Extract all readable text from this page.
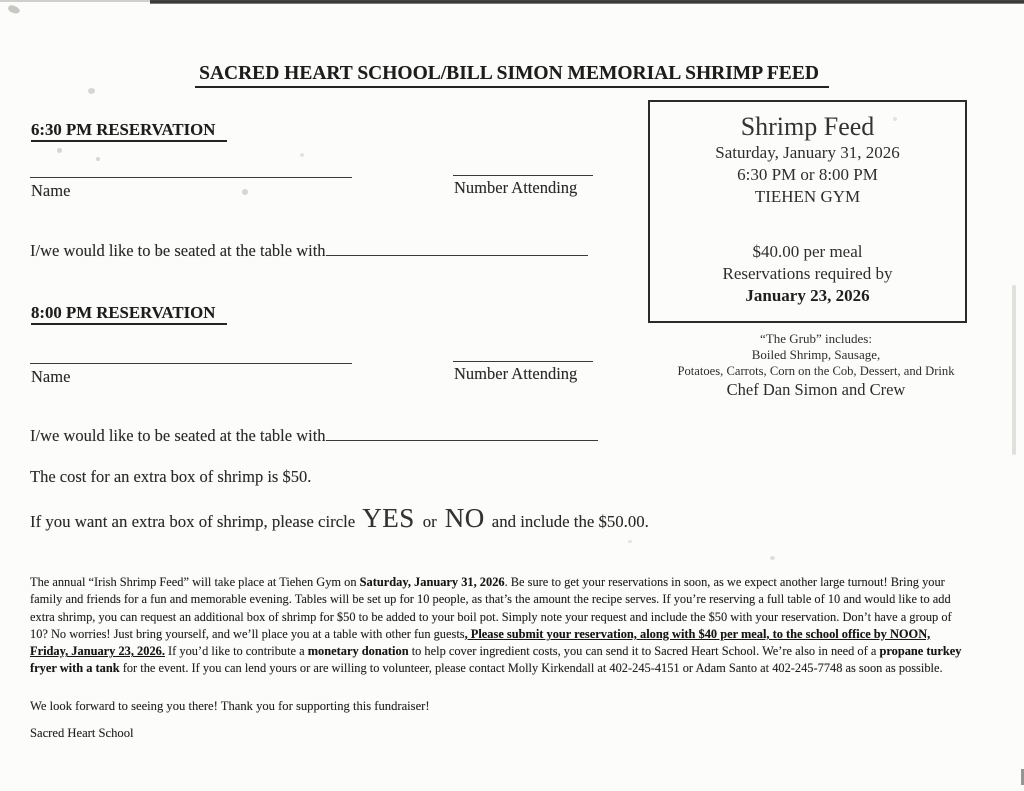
SACRED HEART SCHOOL/BILL SIMON MEMORIAL SHRIMP FEED
6:30 PM RESERVATION
Name	Number Attending
I/we would like to be seated at the table with
8:00 PM RESERVATION
Name	Number Attending
I/we would like to be seated at the table with
The cost for an extra box of shrimp is $50.
If you want an extra box of shrimp, please circle YES or NO and include the $50.00.
Shrimp Feed
Saturday, January 31, 2026
6:30 PM or 8:00 PM
TIEHEN GYM
$40.00 per meal
Reservations required by
January 23, 2026
“The Grub” includes:
Boiled Shrimp, Sausage,
Potatoes, Carrots, Corn on the Cob, Dessert, and Drink
Chef Dan Simon and Crew

The annual “Irish Shrimp Feed” will take place at Tiehen Gym on Saturday, January 31, 2026. Be sure to get your reservations in soon, as we expect another large turnout! Bring your family and friends for a fun and memorable evening. Tables will be set up for 10 people, as that’s the amount the recipe serves. If you’re reserving a full table of 10 and would like to add extra shrimp, you can request an additional box of shrimp for $50 to be added to your boil pot. Simply note your request and include the $50 with your reservation. Don’t have a group of 10? No worries! Just bring yourself, and we’ll place you at a table with other fun guests, Please submit your reservation, along with $40 per meal, to the school office by NOON, Friday, January 23, 2026. If you’d like to contribute a monetary donation to help cover ingredient costs, you can send it to Sacred Heart School. We’re also in need of a propane turkey fryer with a tank for the event. If you can lend yours or are willing to volunteer, please contact Molly Kirkendall at 402-245-4151 or Adam Santo at 402-245-7748 as soon as possible.

We look forward to seeing you there! Thank you for supporting this fundraiser!
Sacred Heart School
